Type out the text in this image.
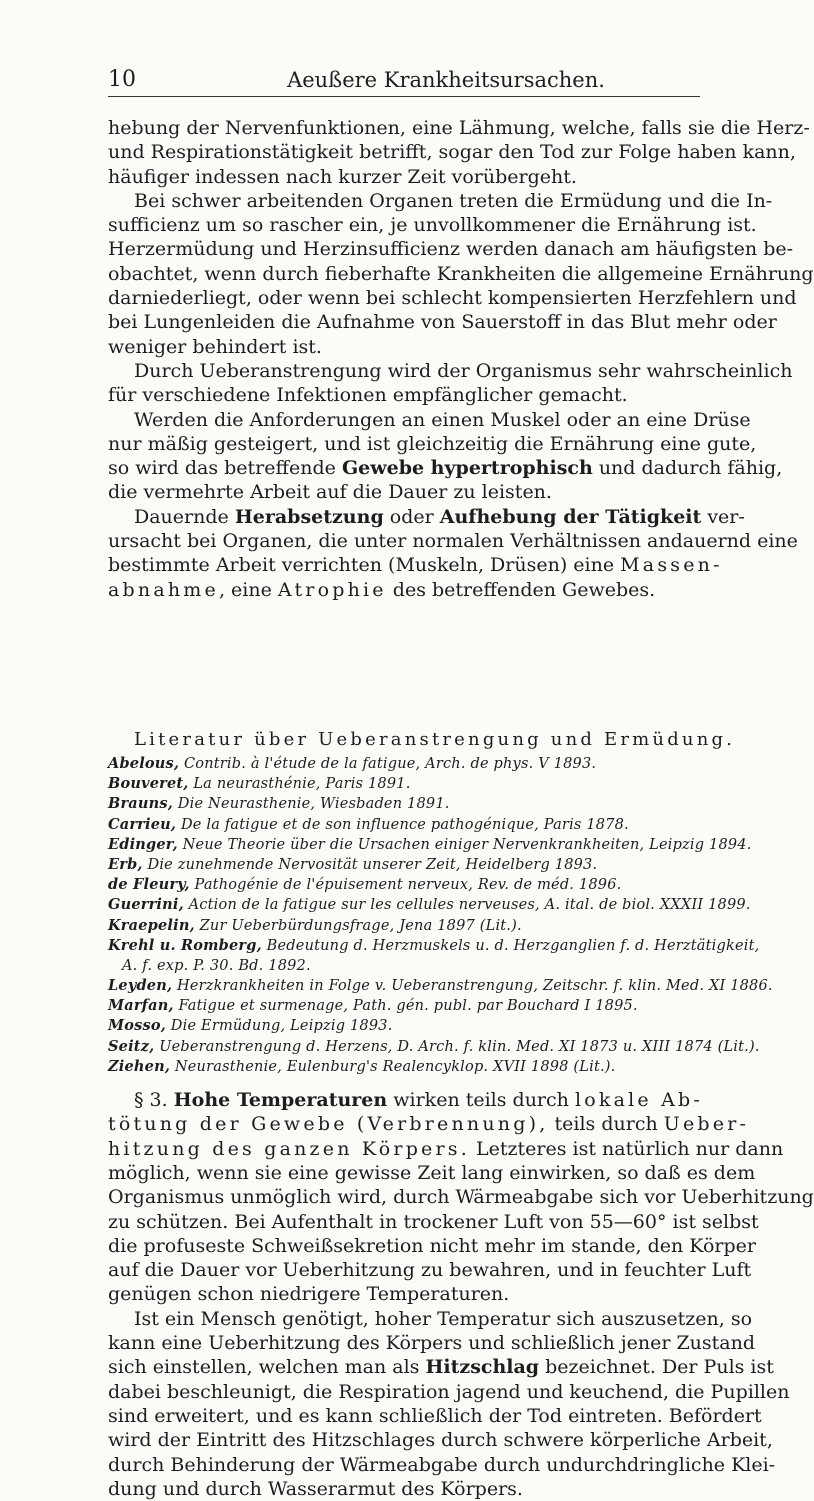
10	Aeußere Krankheitsursachen.
hebung der Nervenfunktionen, eine Lähmung, welche, falls sie die Herz-
und Respirationstätigkeit betrifft, sogar den Tod zur Folge haben kann,
häufiger indessen nach kurzer Zeit vorübergeht.
Bei schwer arbeitenden Organen treten die Ermüdung und die In-
sufficienz um so rascher ein, je unvollkommener die Ernährung ist.
Herzermüdung und Herzinsufficienz werden danach am häufigsten be-
obachtet, wenn durch fieberhafte Krankheiten die allgemeine Ernährung
darniederliegt, oder wenn bei schlecht kompensierten Herzfehlern und
bei Lungenleiden die Aufnahme von Sauerstoff in das Blut mehr oder
weniger behindert ist.
Durch Ueberanstrengung wird der Organismus sehr wahrscheinlich
für verschiedene Infektionen empfänglicher gemacht.
Werden die Anforderungen an einen Muskel oder an eine Drüse
nur mäßig gesteigert, und ist gleichzeitig die Ernährung eine gute,
so wird das betreffende Gewebe hypertrophisch und dadurch fähig,
die vermehrte Arbeit auf die Dauer zu leisten.
Dauernde Herabsetzung oder Aufhebung der Tätigkeit ver-
ursacht bei Organen, die unter normalen Verhältnissen andauernd eine
bestimmte Arbeit verrichten (Muskeln, Drüsen) eine Massen-
abnahme, eine Atrophie des betreffenden Gewebes.
Literatur über Ueberanstrengung und Ermüdung.
Abelous, Contrib. à l'étude de la fatigue, Arch. de phys. V 1893.
Bouveret, La neurasthénie, Paris 1891.
Brauns, Die Neurasthenie, Wiesbaden 1891.
Carrieu, De la fatigue et de son influence pathogénique, Paris 1878.
Edinger, Neue Theorie über die Ursachen einiger Nervenkrankheiten, Leipzig 1894.
Erb, Die zunehmende Nervosität unserer Zeit, Heidelberg 1893.
de Fleury, Pathogénie de l'épuisement nerveux, Rev. de méd. 1896.
Guerrini, Action de la fatigue sur les cellules nerveuses, A. ital. de biol. XXXII 1899.
Kraepelin, Zur Ueberbürdungsfrage, Jena 1897 (Lit.).
Krehl u. Romberg, Bedeutung d. Herzmuskels u. d. Herzganglien f. d. Herztätigkeit,
A. f. exp. P. 30. Bd. 1892.
Leyden, Herzkrankheiten in Folge v. Ueberanstrengung, Zeitschr. f. klin. Med. XI 1886.
Marfan, Fatigue et surmenage, Path. gén. publ. par Bouchard I 1895.
Mosso, Die Ermüdung, Leipzig 1893.
Seitz, Ueberanstrengung d. Herzens, D. Arch. f. klin. Med. XI 1873 u. XIII 1874 (Lit.).
Ziehen, Neurasthenie, Eulenburg's Realencyklop. XVII 1898 (Lit.).
§ 3. Hohe Temperaturen wirken teils durch lokale Ab-
tötung der Gewebe (Verbrennung), teils durch Ueber-
hitzung des ganzen Körpers. Letzteres ist natürlich nur dann
möglich, wenn sie eine gewisse Zeit lang einwirken, so daß es dem
Organismus unmöglich wird, durch Wärmeabgabe sich vor Ueberhitzung
zu schützen. Bei Aufenthalt in trockener Luft von 55—60° ist selbst
die profuseste Schweißsekretion nicht mehr im stande, den Körper
auf die Dauer vor Ueberhitzung zu bewahren, und in feuchter Luft
genügen schon niedrigere Temperaturen.
Ist ein Mensch genötigt, hoher Temperatur sich auszusetzen, so
kann eine Ueberhitzung des Körpers und schließlich jener Zustand
sich einstellen, welchen man als Hitzschlag bezeichnet. Der Puls ist
dabei beschleunigt, die Respiration jagend und keuchend, die Pupillen
sind erweitert, und es kann schließlich der Tod eintreten. Befördert
wird der Eintritt des Hitzschlages durch schwere körperliche Arbeit,
durch Behinderung der Wärmeabgabe durch undurchdringliche Klei-
dung und durch Wasserarmut des Körpers.
